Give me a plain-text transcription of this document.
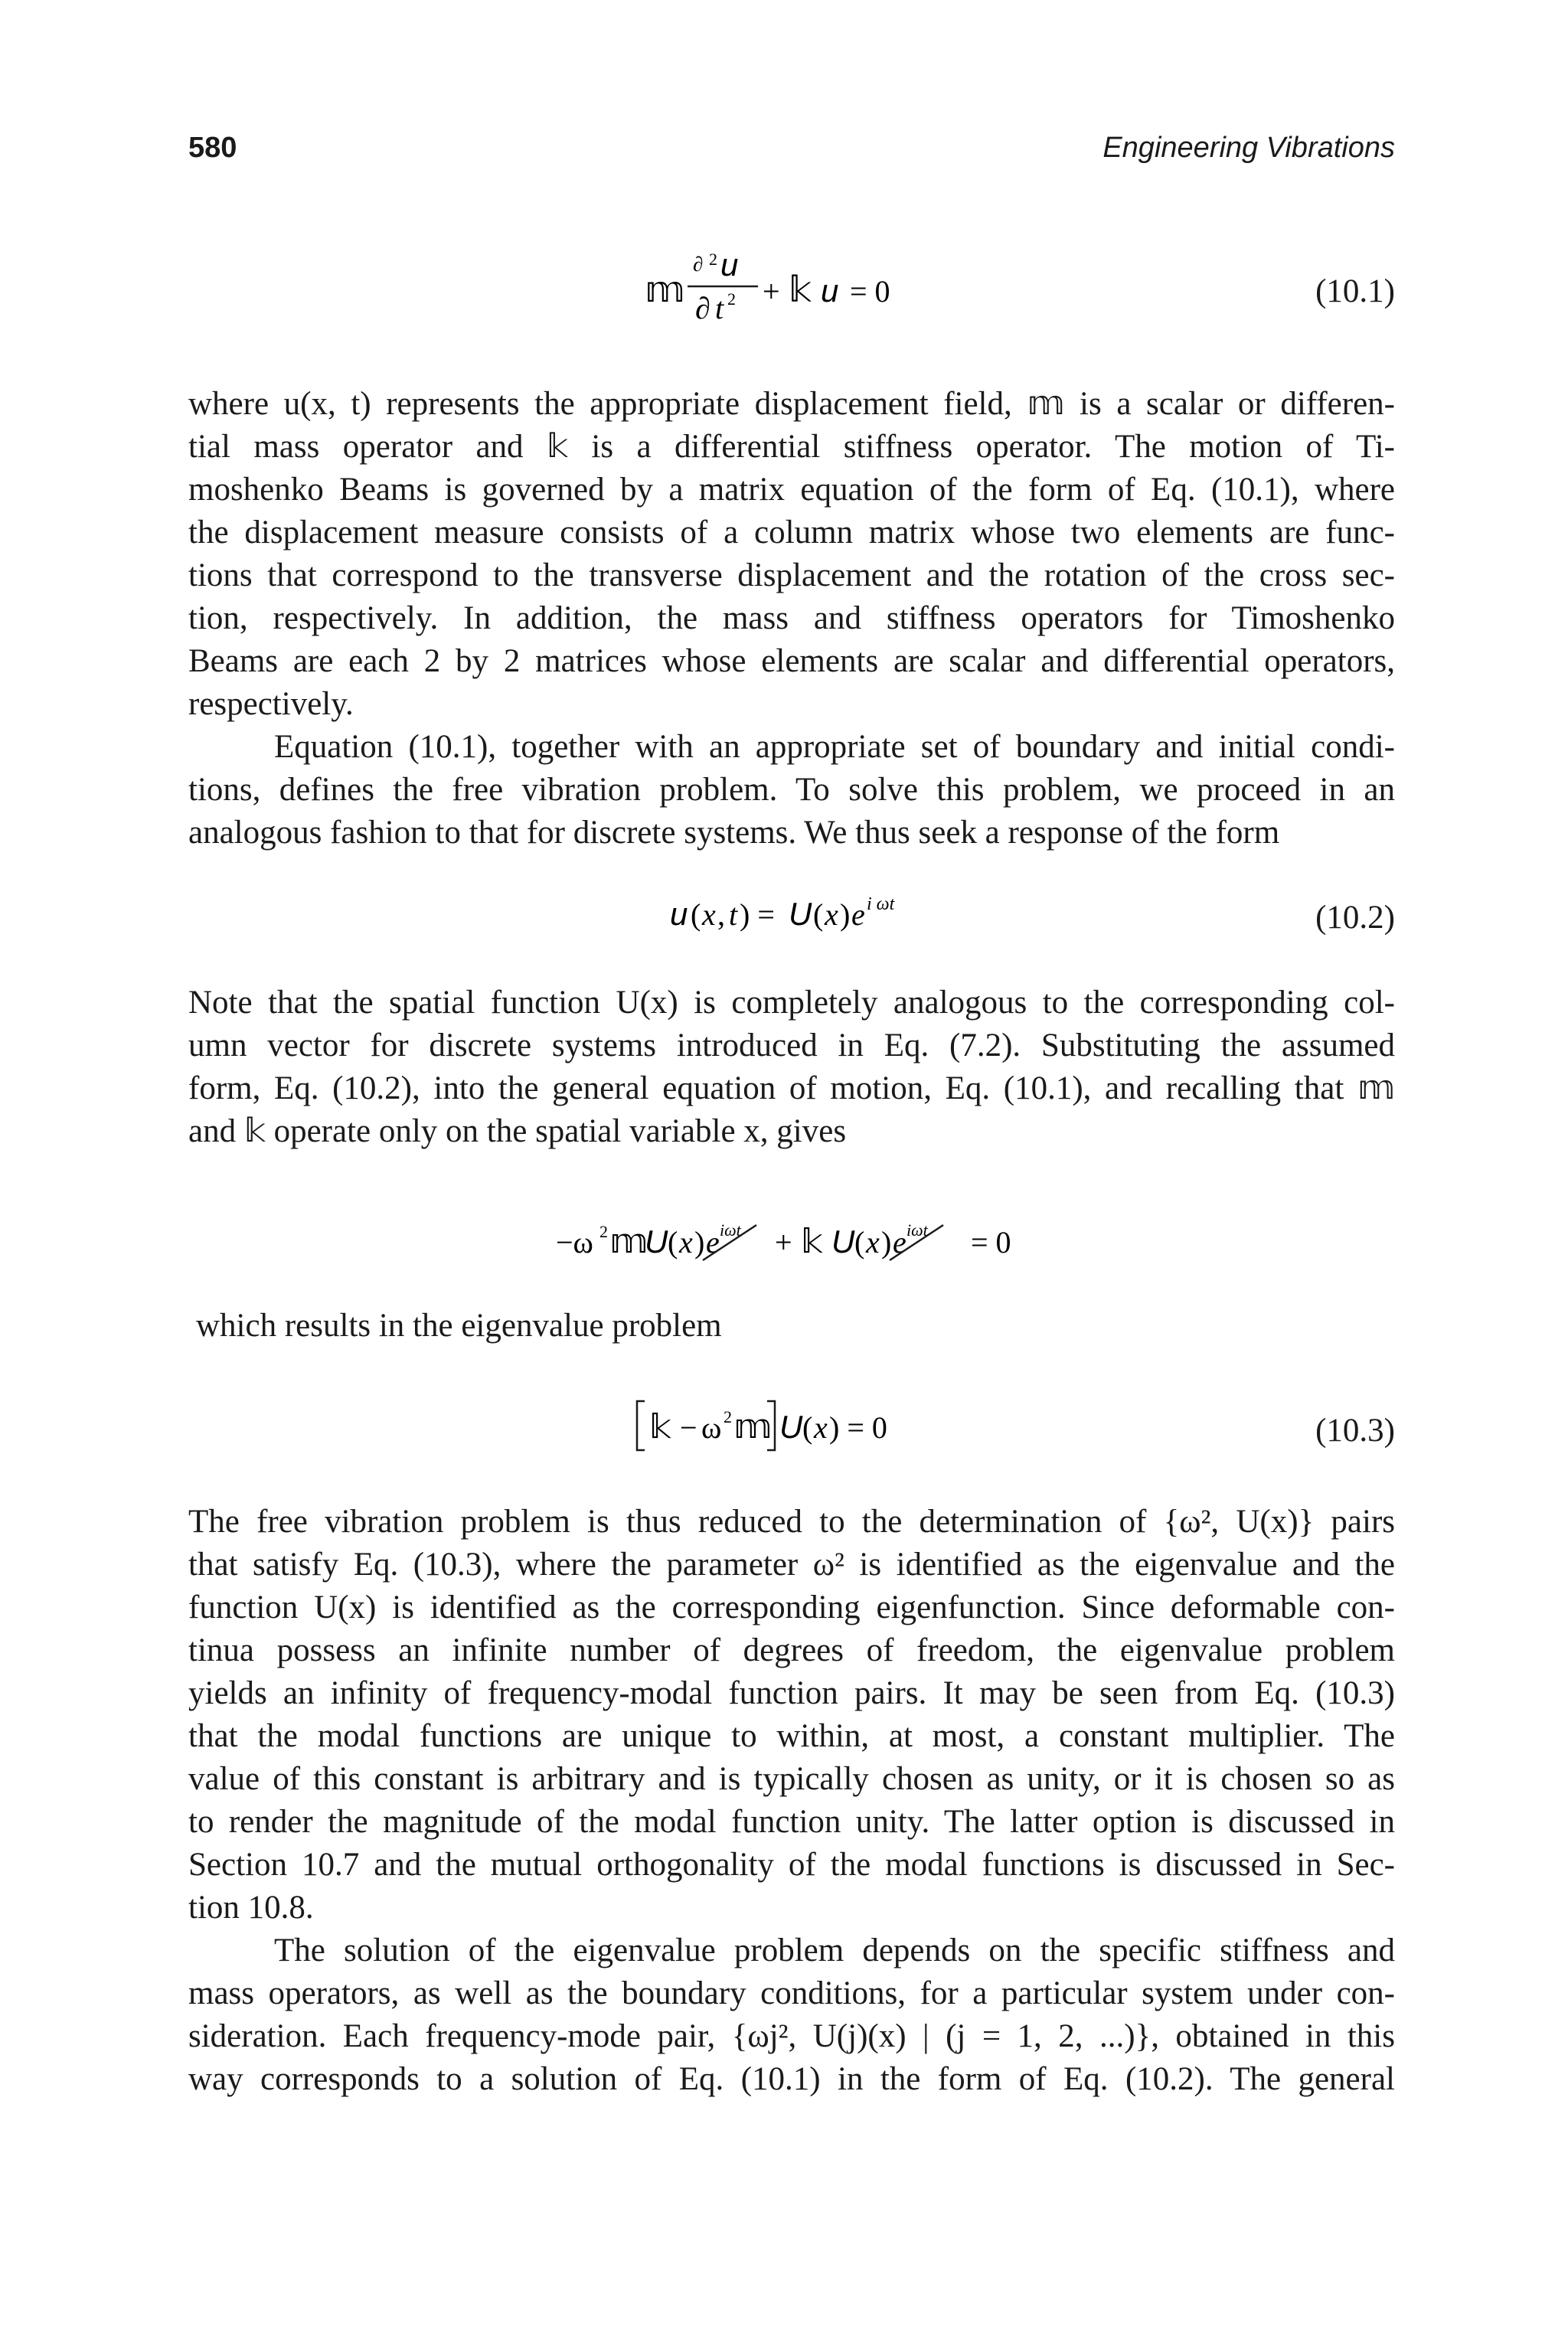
580	Engineering Vibrations
𝕞
∂ 2 u
∂ t 2 + 𝕜 u = 0	(10.1)
where u(x, t) represents the appropriate displacement field, 𝕞 is a scalar or differen-
tial mass operator and 𝕜 is a differential stiffness operator. The motion of Ti-
moshenko Beams is governed by a matrix equation of the form of Eq. (10.1), where
the displacement measure consists of a column matrix whose two elements are func-
tions that correspond to the transverse displacement and the rotation of the cross sec-
tion, respectively. In addition, the mass and stiffness operators for Timoshenko
Beams are each 2 by 2 matrices whose elements are scalar and differential operators,
respectively.
Equation (10.1), together with an appropriate set of boundary and initial condi-
tions, defines the free vibration problem. To solve this problem, we proceed in an
analogous fashion to that for discrete systems. We thus seek a response of the form
u ( x , t ) = U ( x ) e i ωt	(10.2)
Note that the spatial function U(x) is completely analogous to the corresponding col-
umn vector for discrete systems introduced in Eq. (7.2). Substituting the assumed
form, Eq. (10.2), into the general equation of motion, Eq. (10.1), and recalling that 𝕞
and 𝕜 operate only on the spatial variable x, gives
−ω 2 𝕞
U ( x ) e iωt + 𝕜 U ( x ) e iωt = 0
which results in the eigenvalue problem
𝕜 − ω 2 𝕞 U ( x ) = 0	(10.3)
The free vibration problem is thus reduced to the determination of {ω², U(x)} pairs
that satisfy Eq. (10.3), where the parameter ω² is identified as the eigenvalue and the
function U(x) is identified as the corresponding eigenfunction. Since deformable con-
tinua possess an infinite number of degrees of freedom, the eigenvalue problem
yields an infinity of frequency-modal function pairs. It may be seen from Eq. (10.3)
that the modal functions are unique to within, at most, a constant multiplier. The
value of this constant is arbitrary and is typically chosen as unity, or it is chosen so as
to render the magnitude of the modal function unity. The latter option is discussed in
Section 10.7 and the mutual orthogonality of the modal functions is discussed in Sec-
tion 10.8.
The solution of the eigenvalue problem depends on the specific stiffness and
mass operators, as well as the boundary conditions, for a particular system under con-
sideration. Each frequency-mode pair, {ωj², U(j)(x) | (j = 1, 2, ...)}, obtained in this
way corresponds to a solution of Eq. (10.1) in the form of Eq. (10.2). The general
